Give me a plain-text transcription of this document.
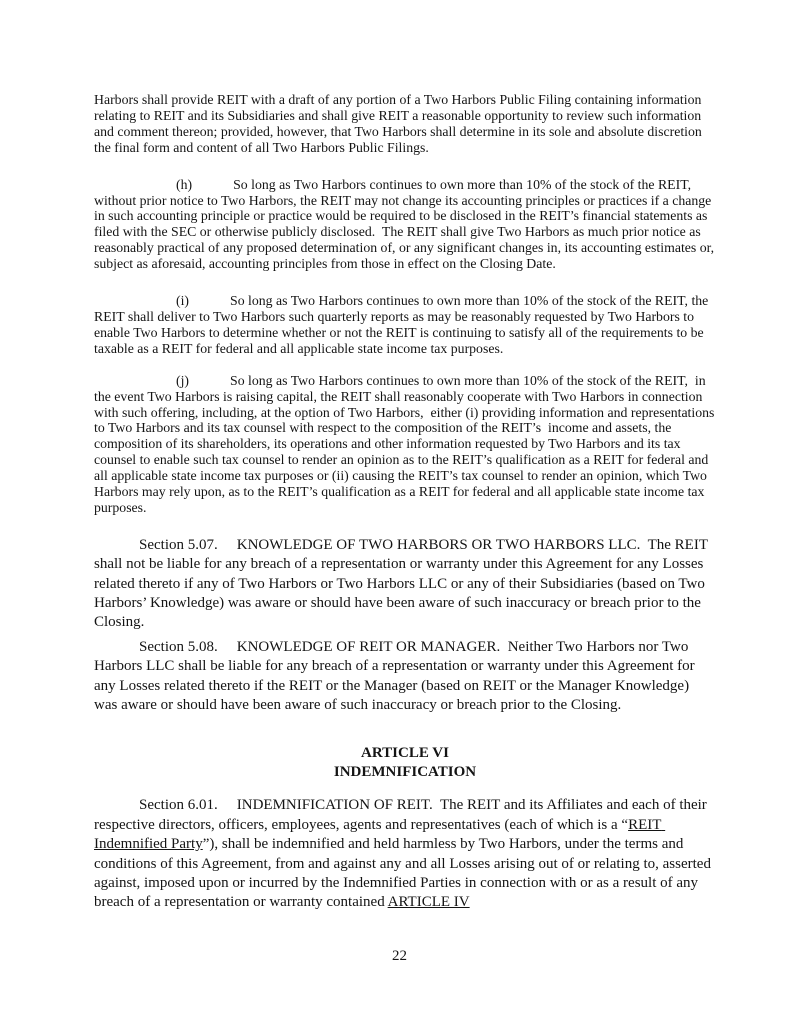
Harbors shall provide REIT with a draft of any portion of a Two Harbors Public Filing containing information relating to REIT and its Subsidiaries and shall give REIT a reasonable opportunity to review such information and comment thereon; provided, however, that Two Harbors shall determine in its sole and absolute discretion the final form and content of all Two Harbors Public Filings.

(h)	So long as Two Harbors continues to own more than 10% of the stock of the REIT, without prior notice to Two Harbors, the REIT may not change its accounting principles or practices if a change in such accounting principle or practice would be required to be disclosed in the REIT’s financial statements as filed with the SEC or otherwise publicly disclosed.  The REIT shall give Two Harbors as much prior notice as reasonably practical of any proposed determination of, or any significant changes in, its accounting estimates or, subject as aforesaid, accounting principles from those in effect on the Closing Date.

(i)	So long as Two Harbors continues to own more than 10% of the stock of the REIT, the REIT shall deliver to Two Harbors such quarterly reports as may be reasonably requested by Two Harbors to enable Two Harbors to determine whether or not the REIT is continuing to satisfy all of the requirements to be taxable as a REIT for federal and all applicable state income tax purposes.

(j)	So long as Two Harbors continues to own more than 10% of the stock of the REIT,  in the event Two Harbors is raising capital, the REIT shall reasonably cooperate with Two Harbors in connection with such offering, including, at the option of Two Harbors,  either (i) providing information and representations to Two Harbors and its tax counsel with respect to the composition of the REIT’s  income and assets, the composition of its shareholders, its operations and other information requested by Two Harbors and its tax counsel to enable such tax counsel to render an opinion as to the REIT’s qualification as a REIT for federal and all applicable state income tax purposes or (ii) causing the REIT’s tax counsel to render an opinion, which Two Harbors may rely upon, as to the REIT’s qualification as a REIT for federal and all applicable state income tax purposes.

Section 5.07. KNOWLEDGE OF TWO HARBORS OR TWO HARBORS LLC.  The REIT shall not be liable for any breach of a representation or warranty under this Agreement for any Losses related thereto if any of Two Harbors or Two Harbors LLC or any of their Subsidiaries (based on Two Harbors’ Knowledge) was aware or should have been aware of such inaccuracy or breach prior to the Closing.

Section 5.08. KNOWLEDGE OF REIT OR MANAGER.  Neither Two Harbors nor Two Harbors LLC shall be liable for any breach of a representation or warranty under this Agreement for any Losses related thereto if the REIT or the Manager (based on REIT or the Manager Knowledge) was aware or should have been aware of such inaccuracy or breach prior to the Closing.

ARTICLE VI
INDEMNIFICATION

Section 6.01. INDEMNIFICATION OF REIT.  The REIT and its Affiliates and each of their respective directors, officers, employees, agents and representatives (each of which is a “REIT Indemnified Party”), shall be indemnified and held harmless by Two Harbors, under the terms and conditions of this Agreement, from and against any and all Losses arising out of or relating to, asserted against, imposed upon or incurred by the Indemnified Parties in connection with or as a result of any breach of a representation or warranty contained ARTICLE IV

22
